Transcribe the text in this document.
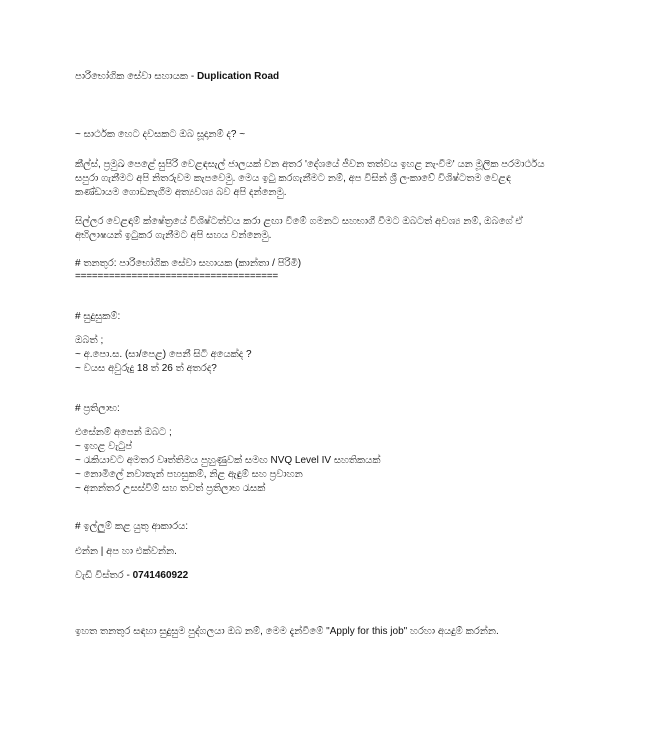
පාරිභෝගික සේවා සහායක - Duplication Road
~ සාර්ථක හෙට දවසකට ඔබ සූදානම් ද? ~
කීල්ස්, ප්‍රමුඛ පෙළේ සුපිරි වෙළඳසැල් ජාලයක් වන අතර 'දේශයේ ජීවන තත්වය ඉහළ නැංවීම' යන මූලික පරමාර්ථය
සපුරා ගැනීමට අපි නිතරුවම කැපවෙමු. මෙය ඉටු කරගැනීමට නම්, අප විසින් ශ්‍රී ලංකාවේ විශිෂ්ටතම වෙළඳ
කණ්ඩායම ගොඩනැගීම අත්‍යවශ්‍ය බව අපි දන්නෙමු.
සිල්ලර වෙළඳාම් ක්ෂේත්‍රයේ විශිෂ්ටත්වය කරා ළඟා වීමේ ගමනට සහභාගී වීමට ඔබටත් අවශ්‍ය නම්, ඔබගේ ඒ
අභිලාෂයන් ඉටුකර ගැනීමට අපි සහය වන්නෙමු.
# තනතුර: පාරිභෝගික සේවා සහායක (කාන්තා / පිරිමි)
====================================
# සුදුසුකම්:
ඔබත් ;
~ අ.පො.ස. (සා/පෙළ) පෙනී සිටි අයෙක්ද ?
~ වයස අවුරුදු 18 ත් 26 ත් අතරද?
# ප්‍රතිලාභ:
එසේනම් අපෙන් ඔබට ;
~ ඉහළ වැටුප්
~ රැකියාවට අමතර වෘත්තිමය පුහුණුවක් සමඟ NVQ Level IV සහතිකයක්
~ නොමිලේ නවාතැන් පහසුකම්, නිළ ඇඳුම් සහ ප්‍රවාහන
~ අනන්තර උසස්වීම් සහ තවත් ප්‍රතිලාභ රැසක්
# ඉල්ලුම් කළ යුතු ආකාරය:
එන්න | අප හා එක්වන්න.
වැඩි විස්තර - 0741460922
ඉහත තනතුර සඳහා සුදුසුම පුද්ගලයා ඔබ නම්, මෙම දැන්වීමේ "Apply for this job" හරහා අයදුම් කරන්න.
